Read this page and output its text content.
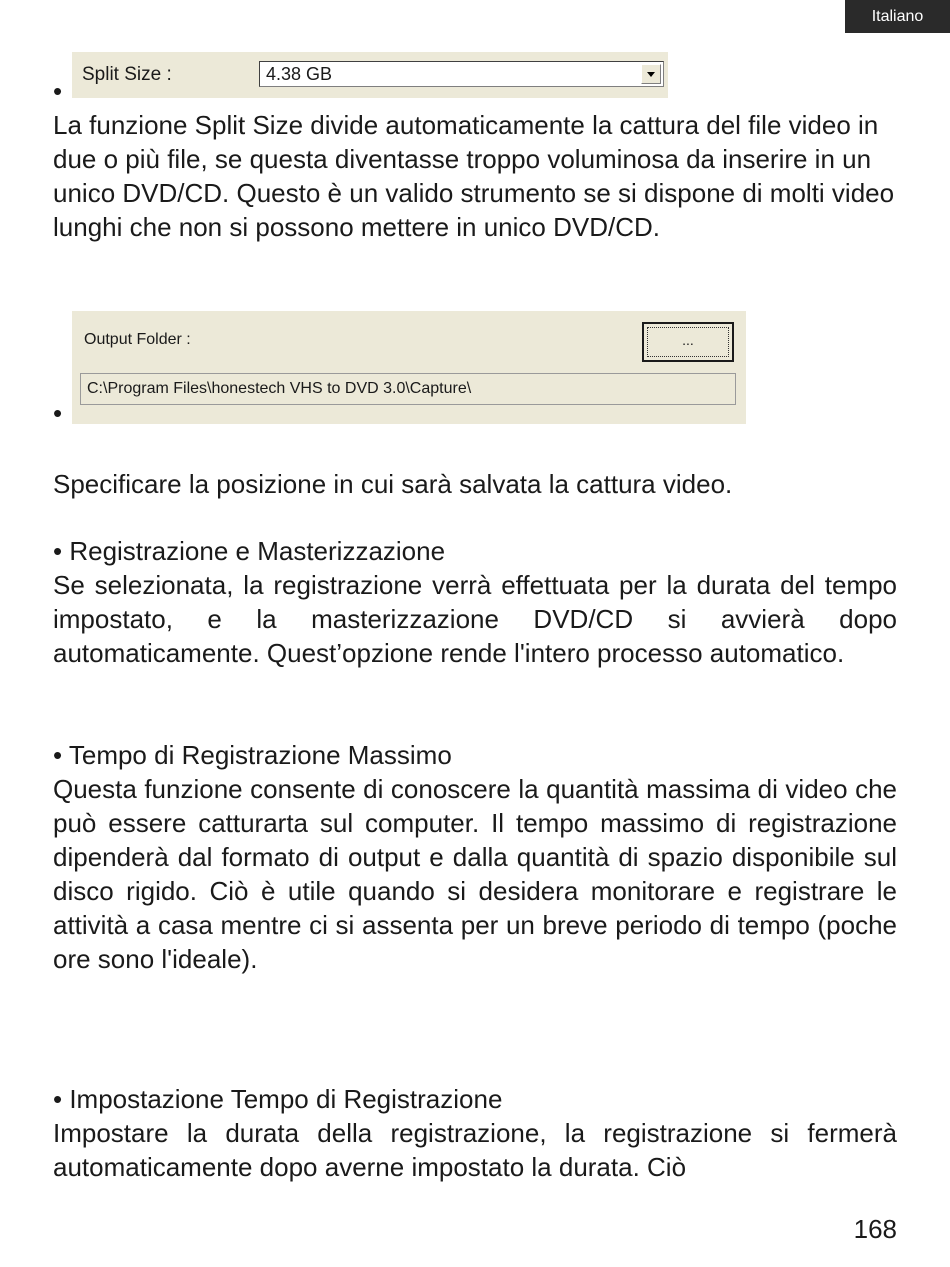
Italiano
•
Split Size :	4.38 GB

La funzione Split Size divide automaticamente la cattura del file video in due o più file, se questa diventasse troppo voluminosa da inserire in un unico DVD/CD. Questo è un valido strumento se si dispone di molti video lunghi che non si possono mettere in unico DVD/CD.

Output Folder :	...
C:\Program Files\honestech VHS to DVD 3.0\Capture\
•

Specificare la posizione in cui sarà salvata la cattura video.

• Registrazione e Masterizzazione

Se selezionata, la registrazione verrà effettuata per la durata del tempo impostato, e la masterizzazione DVD/CD si avvierà dopo automaticamente. Quest’opzione rende l'intero processo automatico.

• Tempo di Registrazione Massimo

Questa funzione consente di conoscere la quantità massima di video che può essere catturarta sul computer. Il tempo massimo di registrazione dipenderà dal formato di output e dalla quantità di spazio disponibile sul disco rigido. Ciò è utile quando si desidera monitorare e registrare le attività a casa mentre ci si assenta per un breve periodo di tempo (poche ore sono l'ideale).

• Impostazione Tempo di Registrazione

Impostare la durata della registrazione, la registrazione si fermerà automaticamente dopo averne impostato la durata. Ciò

168
